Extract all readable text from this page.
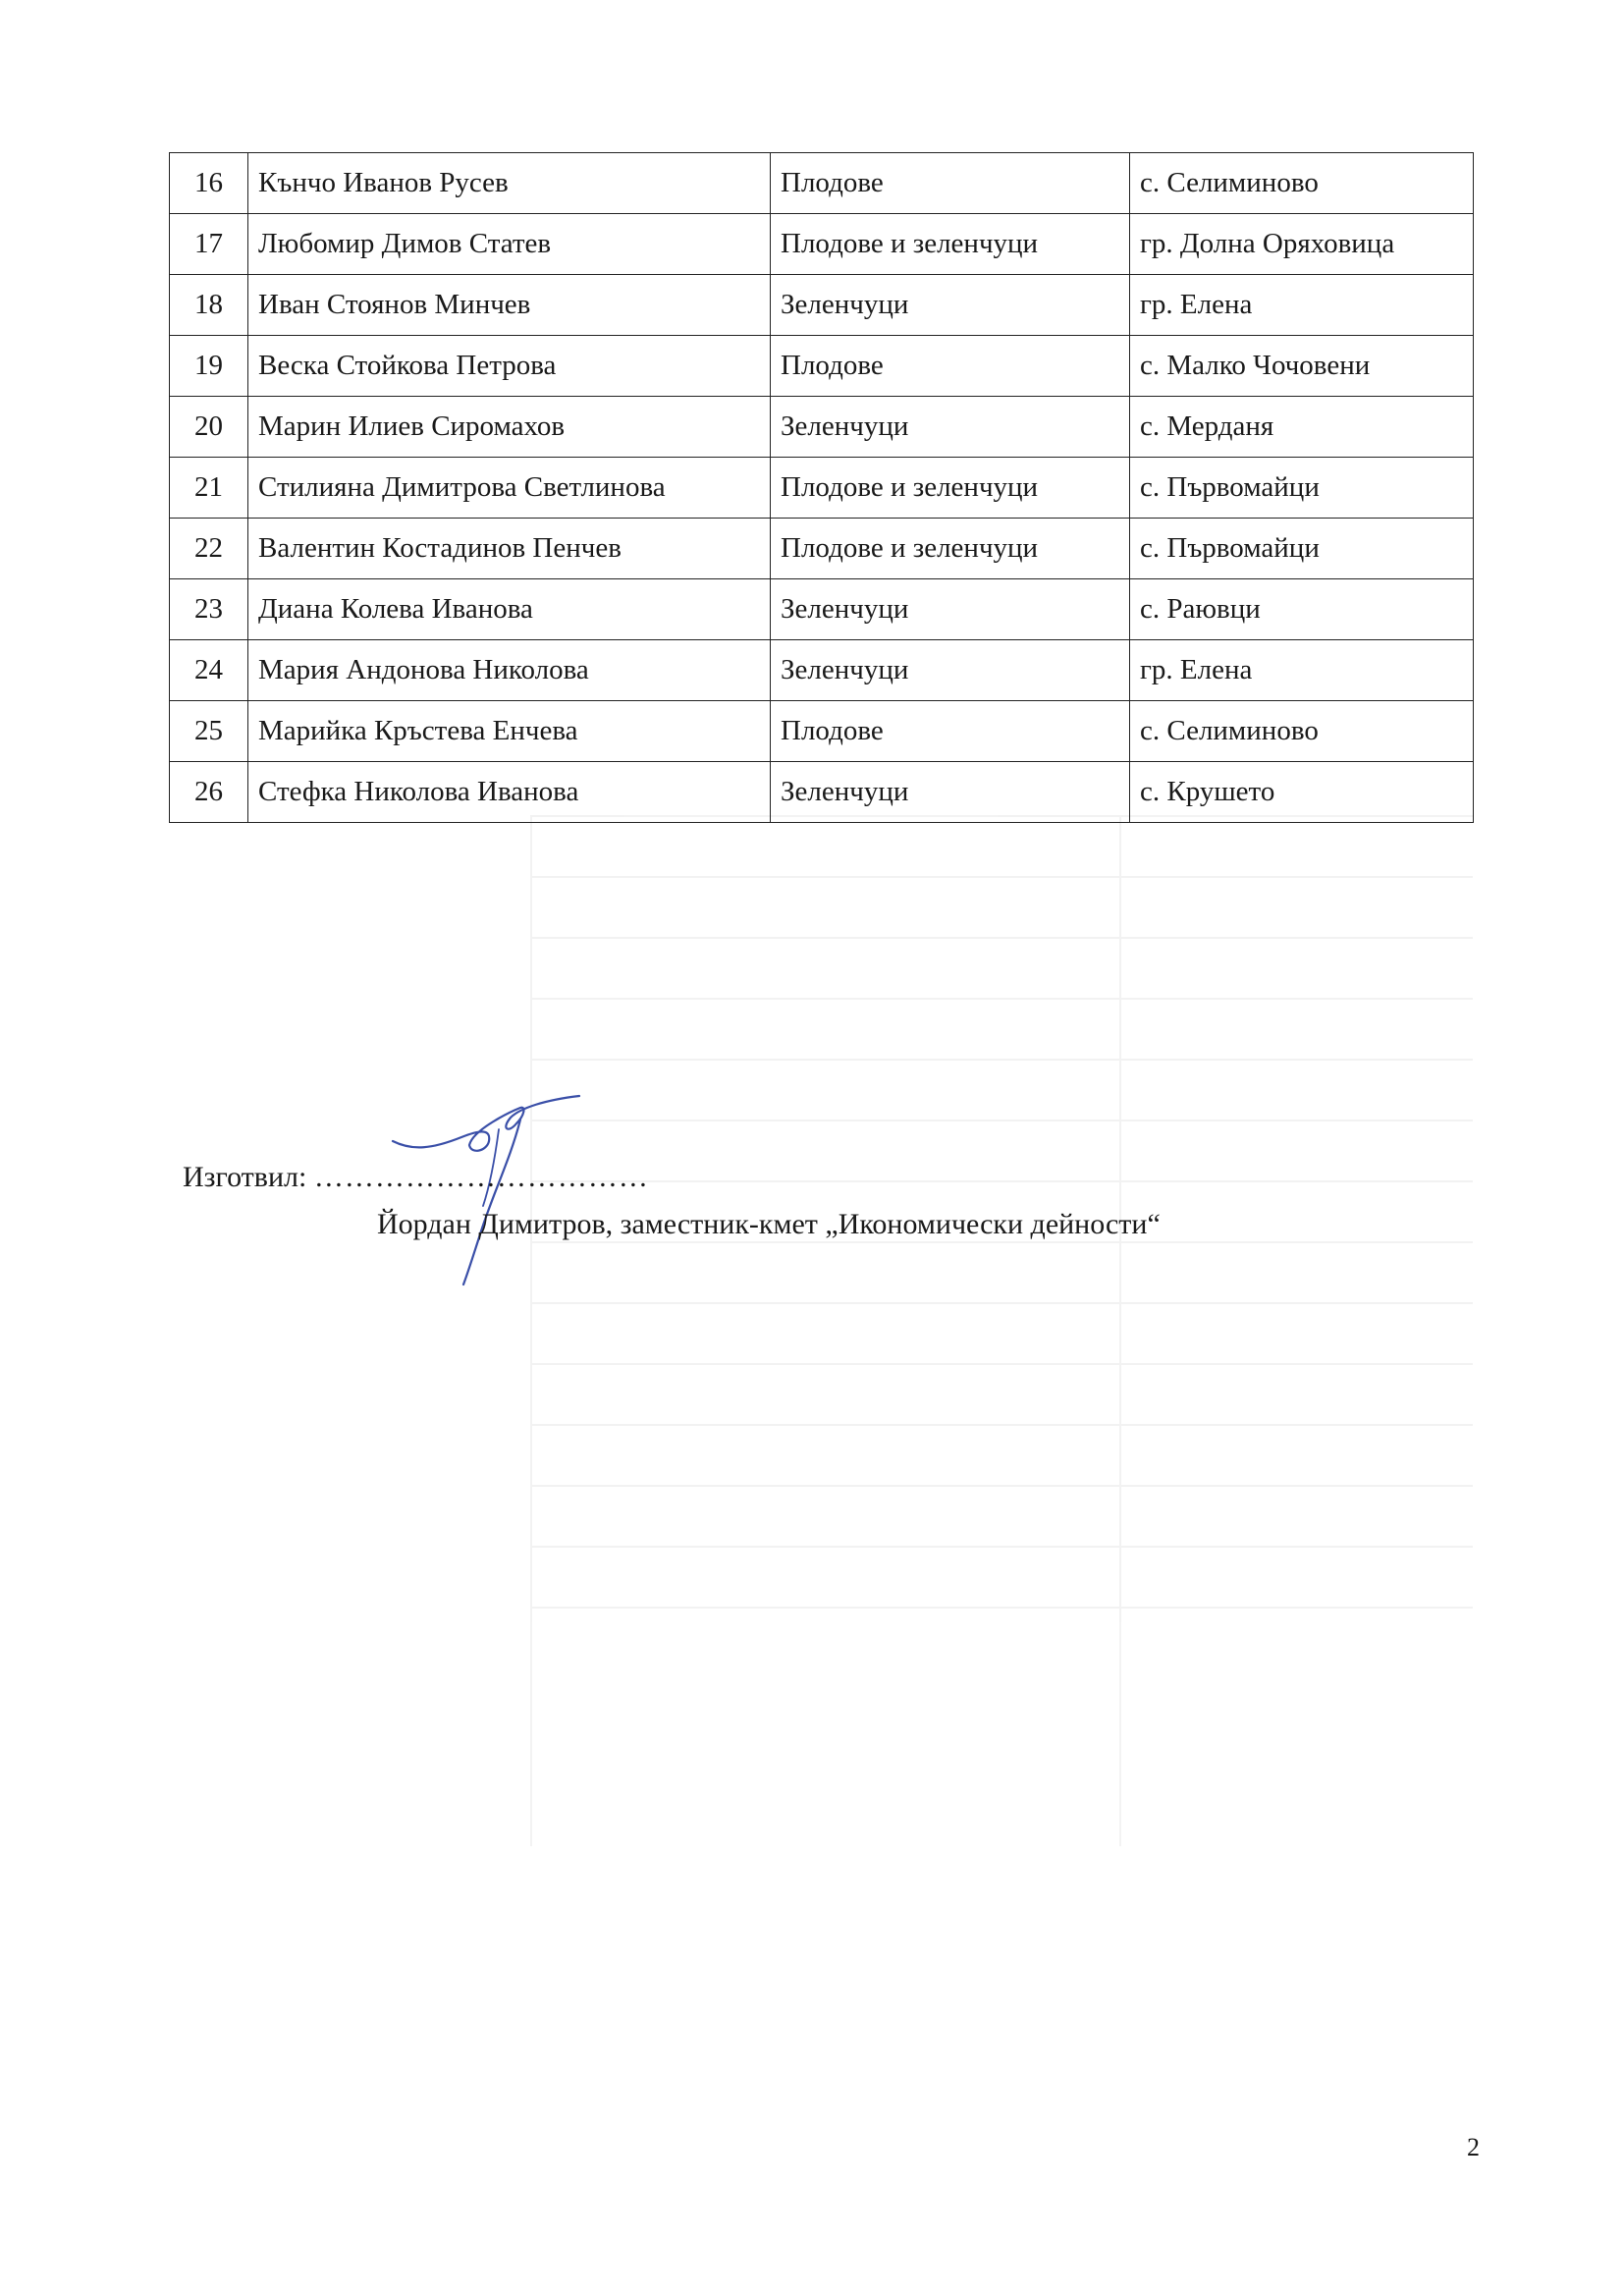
16	Кънчо Иванов Русев	Плодове	с. Селиминово
17	Любомир Димов Статев	Плодове и зеленчуци	гр. Долна Оряховица
18	Иван Стоянов Минчев	Зеленчуци	гр. Елена
19	Веска Стойкова Петрова	Плодове	с. Малко Чочовени
20	Марин Илиев Сиромахов	Зеленчуци	с. Мерданя
21	Стилияна Димитрова Светлинова	Плодове и зеленчуци	с. Първомайци
22	Валентин Костадинов Пенчев	Плодове и зеленчуци	с. Първомайци
23	Диана Колева Иванова	Зеленчуци	с. Раювци
24	Мария Андонова Николова	Зеленчуци	гр. Елена
25	Марийка Кръстева Енчева	Плодове	с. Селиминово
26	Стефка Николова Иванова	Зеленчуци	с. Крушето
Изготвил: ……………………………
Йордан Димитров, заместник-кмет „Икономически дейности“
2
